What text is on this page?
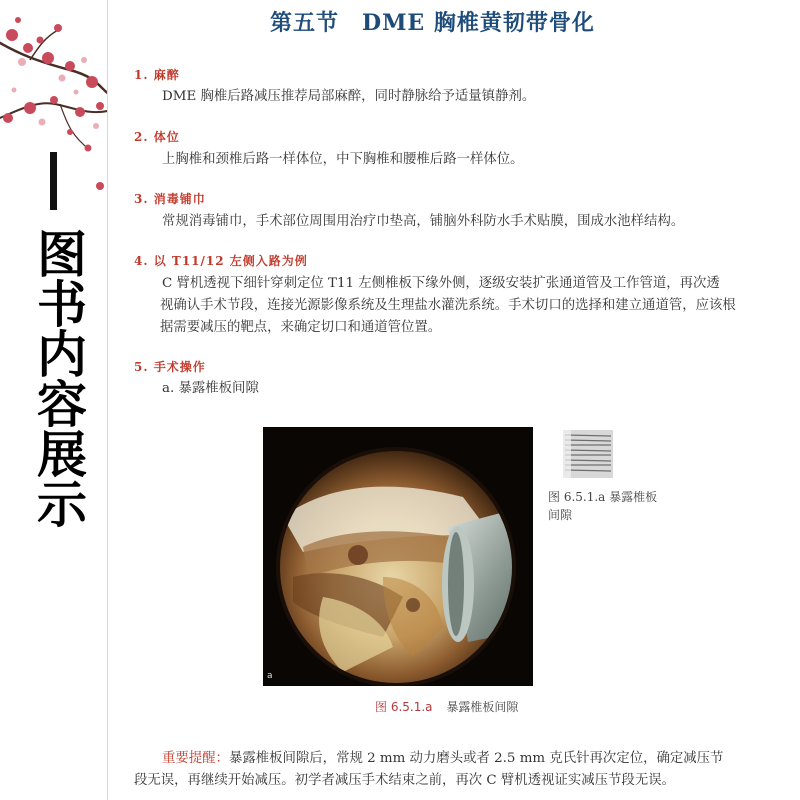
图书内容展示
第五节　DME 胸椎黄韧带骨化
1. 麻醉
DME 胸椎后路减压推荐局部麻醉，同时静脉给予适量镇静剂。
2. 体位
上胸椎和颈椎后路一样体位，中下胸椎和腰椎后路一样体位。
3. 消毒铺巾
常规消毒铺巾，手术部位周围用治疗巾垫高，铺脑外科防水手术贴膜，围成水池样结构。
4. 以 T11/12 左侧入路为例
C 臂机透视下细针穿刺定位 T11 左侧椎板下缘外侧，逐级安装扩张通道管及工作管道，再次透
视确认手术节段，连接光源影像系统及生理盐水灌洗系统。手术切口的选择和建立通道管，应该根
据需要减压的靶点，来确定切口和通道管位置。
5. 手术操作
a. 暴露椎板间隙
a
图 6.5.1.a 暴露椎板间隙
图 6.5.1.a 暴露椎板间隙
重要提醒：暴露椎板间隙后，常规 2 mm 动力磨头或者 2.5 mm 克氏针再次定位，确定减压节
段无误，再继续开始减压。初学者减压手术结束之前，再次 C 臂机透视证实减压节段无误。
